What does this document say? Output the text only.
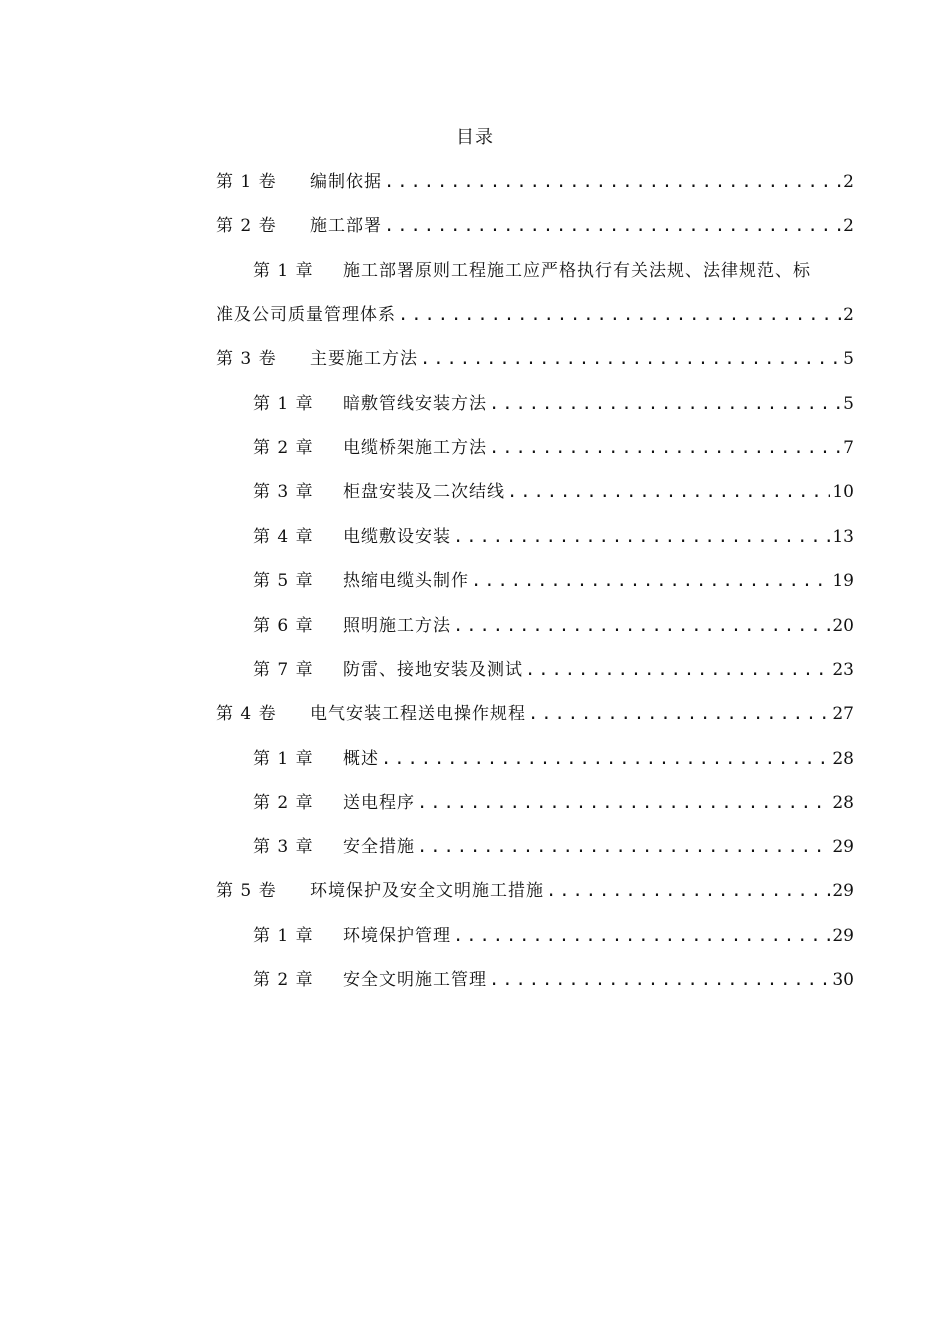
目录
第 1 卷	编制依据 .....	2
第 2 卷	施工部署 .....	2
第 1 章	施工部署原则工程施工应严格执行有关法规、法律规范、标
准及公司质量管理体系 .....	2
第 3 卷	主要施工方法 .....	5
第 1 章	暗敷管线安装方法 .....	5
第 2 章	电缆桥架施工方法 .....	7
第 3 章	柜盘安装及二次结线 .....	10
第 4 章	电缆敷设安装 .....	13
第 5 章	热缩电缆头制作 .....	19
第 6 章	照明施工方法 .....	20
第 7 章	防雷、接地安装及测试 .....	23
第 4 卷	电气安装工程送电操作规程 .....	27
第 1 章	概述 .....	28
第 2 章	送电程序 .....	28
第 3 章	安全措施 .....	29
第 5 卷	环境保护及安全文明施工措施 .....	29
第 1 章	环境保护管理 .....	29
第 2 章	安全文明施工管理 .....	30
